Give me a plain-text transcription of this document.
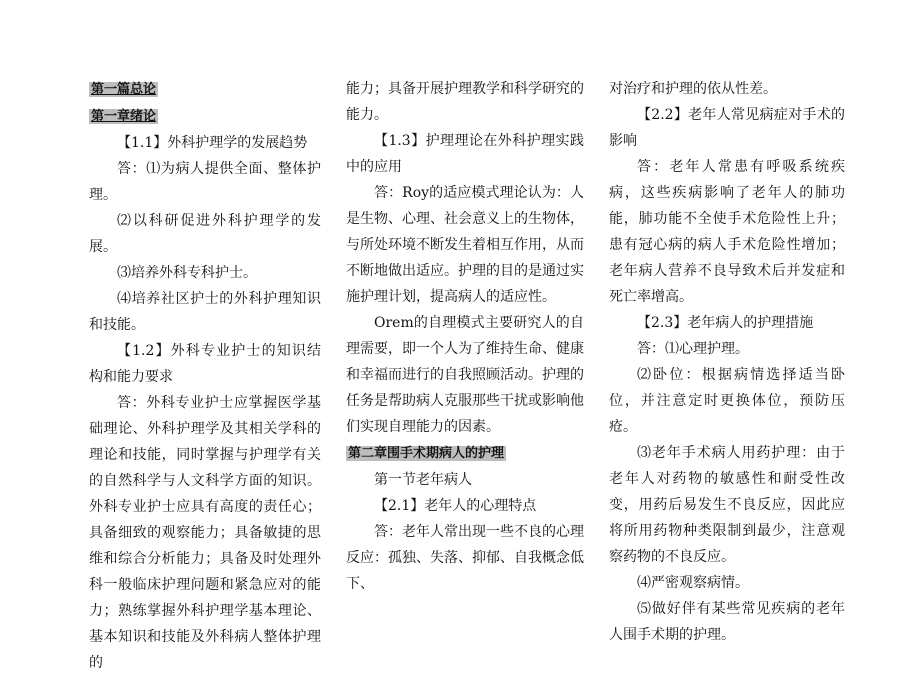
第一篇总论

第一章绪论

【1.1】外科护理学的发展趋势

答：⑴为病人提供全面、整体护理。

⑵以科研促进外科护理学的发展。

⑶培养外科专科护士。

⑷培养社区护士的外科护理知识和技能。

【1.2】外科专业护士的知识结构和能力要求

答：外科专业护士应掌握医学基础理论、外科护理学及其相关学科的理论和技能，同时掌握与护理学有关的自然科学与人文科学方面的知识。外科专业护士应具有高度的责任心；具备细致的观察能力；具备敏捷的思维和综合分析能力；具备及时处理外科一般临床护理问题和紧急应对的能力；熟练掌握外科护理学基本理论、基本知识和技能及外科病人整体护理的

能力；具备开展护理教学和科学研究的能力。

【1.3】护理理论在外科护理实践中的应用

答：Roy的适应模式理论认为：人是生物、心理、社会意义上的生物体，与所处环境不断发生着相互作用，从而不断地做出适应。护理的目的是通过实施护理计划，提高病人的适应性。

Orem的自理模式主要研究人的自理需要，即一个人为了维持生命、健康和幸福而进行的自我照顾活动。护理的任务是帮助病人克服那些干扰或影响他们实现自理能力的因素。

第二章围手术期病人的护理

第一节老年病人

【2.1】老年人的心理特点

答：老年人常出现一些不良的心理反应：孤独、失落、抑郁、自我概念低下、

对治疗和护理的依从性差。

【2.2】老年人常见病症对手术的影响

答：老年人常患有呼吸系统疾病，这些疾病影响了老年人的肺功能，肺功能不全使手术危险性上升；患有冠心病的病人手术危险性增加；老年病人营养不良导致术后并发症和死亡率增高。

【2.3】老年病人的护理措施

答：⑴心理护理。

⑵卧位：根据病情选择适当卧位，并注意定时更换体位，预防压疮。

⑶老年手术病人用药护理：由于老年人对药物的敏感性和耐受性改变，用药后易发生不良反应，因此应将所用药物种类限制到最少，注意观察药物的不良反应。

⑷严密观察病情。

⑸做好伴有某些常见疾病的老年人围手术期的护理。
